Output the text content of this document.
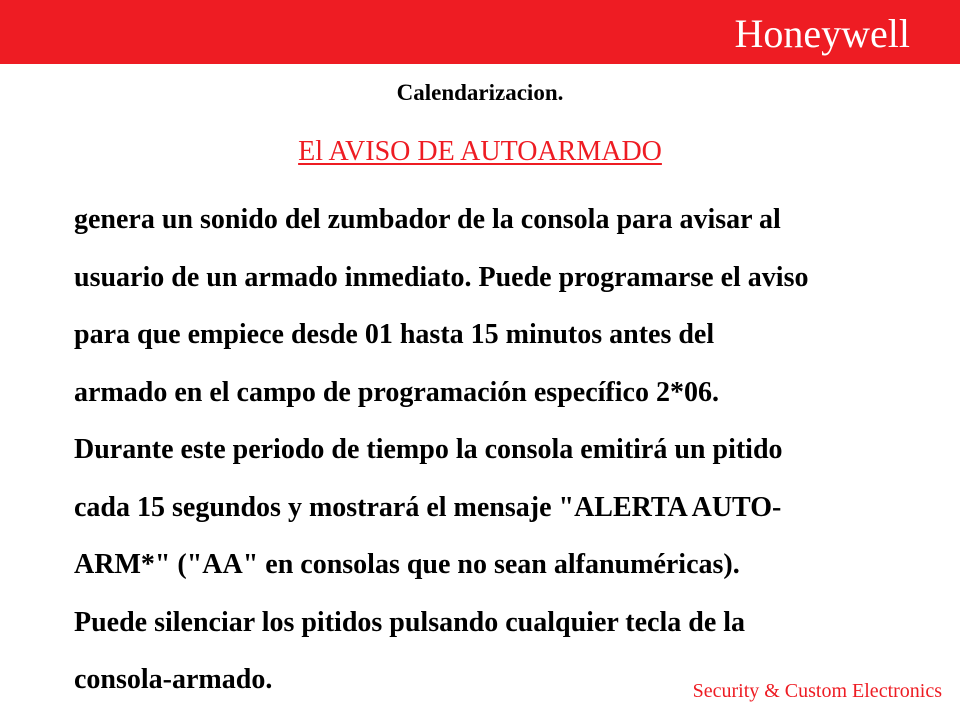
Honeywell
Calendarizacion.
El AVISO DE AUTOARMADO
genera un sonido del zumbador de la consola para avisar al
usuario de un armado inmediato. Puede programarse el aviso
para que empiece desde 01 hasta 15 minutos antes del
armado en el campo de programación específico 2*06.
Durante este periodo de tiempo la consola emitirá un pitido
cada 15 segundos y mostrará el mensaje "ALERTA AUTO-
ARM*" ("AA" en consolas que no sean alfanuméricas).
Puede silenciar los pitidos pulsando cualquier tecla de la
consola-armado.	Security & Custom Electronics
